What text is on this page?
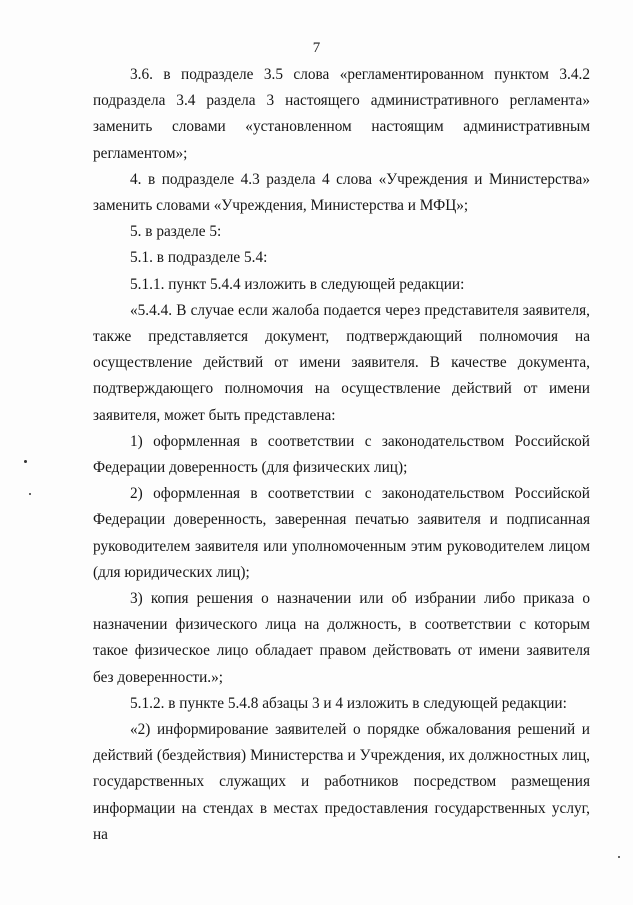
7

3.6. в подразделе 3.5 слова «регламентированном пунктом 3.4.2 подраздела 3.4 раздела 3 настоящего административного регламента» заменить словами «установленном настоящим административным регламентом»;

4. в подразделе 4.3 раздела 4 слова «Учреждения и Министерства» заменить словами «Учреждения, Министерства и МФЦ»;

5. в разделе 5:

5.1. в подразделе 5.4:

5.1.1. пункт 5.4.4 изложить в следующей редакции:

«5.4.4. В случае если жалоба подается через представителя заявителя, также представляется документ, подтверждающий полномочия на осуществление действий от имени заявителя. В качестве документа, подтверждающего полномочия на осуществление действий от имени заявителя, может быть представлена:

1) оформленная в соответствии с законодательством Российской Федерации доверенность (для физических лиц);

2) оформленная в соответствии с законодательством Российской Федерации доверенность, заверенная печатью заявителя и подписанная руководителем заявителя или уполномоченным этим руководителем лицом (для юридических лиц);

3) копия решения о назначении или об избрании либо приказа о назначении физического лица на должность, в соответствии с которым такое физическое лицо обладает правом действовать от имени заявителя без доверенности.»;

5.1.2. в пункте 5.4.8 абзацы 3 и 4 изложить в следующей редакции:

«2) информирование заявителей о порядке обжалования решений и действий (бездействия) Министерства и Учреждения, их должностных лиц, государственных служащих и работников посредством размещения информации на стендах в местах предоставления государственных услуг, на
